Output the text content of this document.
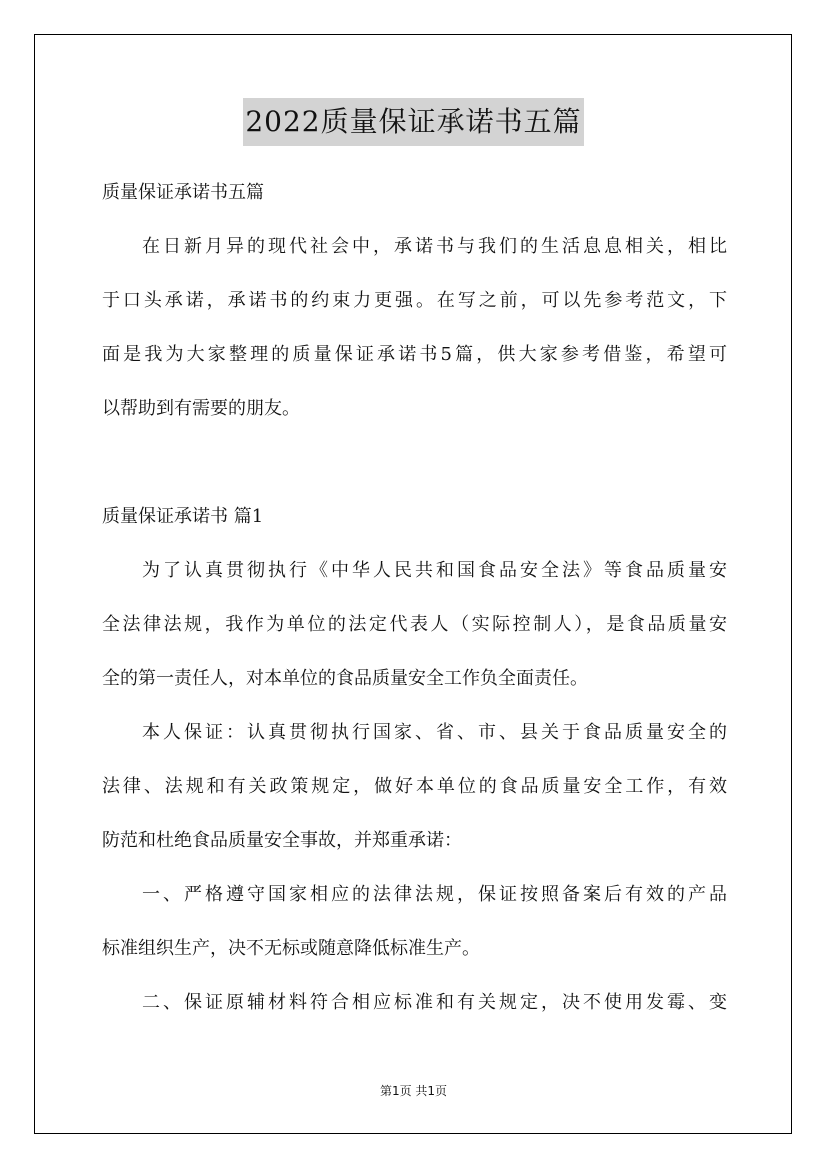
2022质量保证承诺书五篇

质量保证承诺书五篇

在日新月异的现代社会中，承诺书与我们的生活息息相关，相比

于口头承诺，承诺书的约束力更强。在写之前，可以先参考范文，下

面是我为大家整理的质量保证承诺书5篇，供大家参考借鉴，希望可

以帮助到有需要的朋友。

质量保证承诺书 篇1

为了认真贯彻执行《中华人民共和国食品安全法》等食品质量安

全法律法规，我作为单位的法定代表人（实际控制人），是食品质量安

全的第一责任人，对本单位的食品质量安全工作负全面责任。

本人保证：认真贯彻执行国家、省、市、县关于食品质量安全的

法律、法规和有关政策规定，做好本单位的食品质量安全工作，有效

防范和杜绝食品质量安全事故，并郑重承诺：

一、严格遵守国家相应的法律法规，保证按照备案后有效的产品

标准组织生产，决不无标或随意降低标准生产。

二、保证原辅材料符合相应标准和有关规定，决不使用发霉、变

第1页 共1页
